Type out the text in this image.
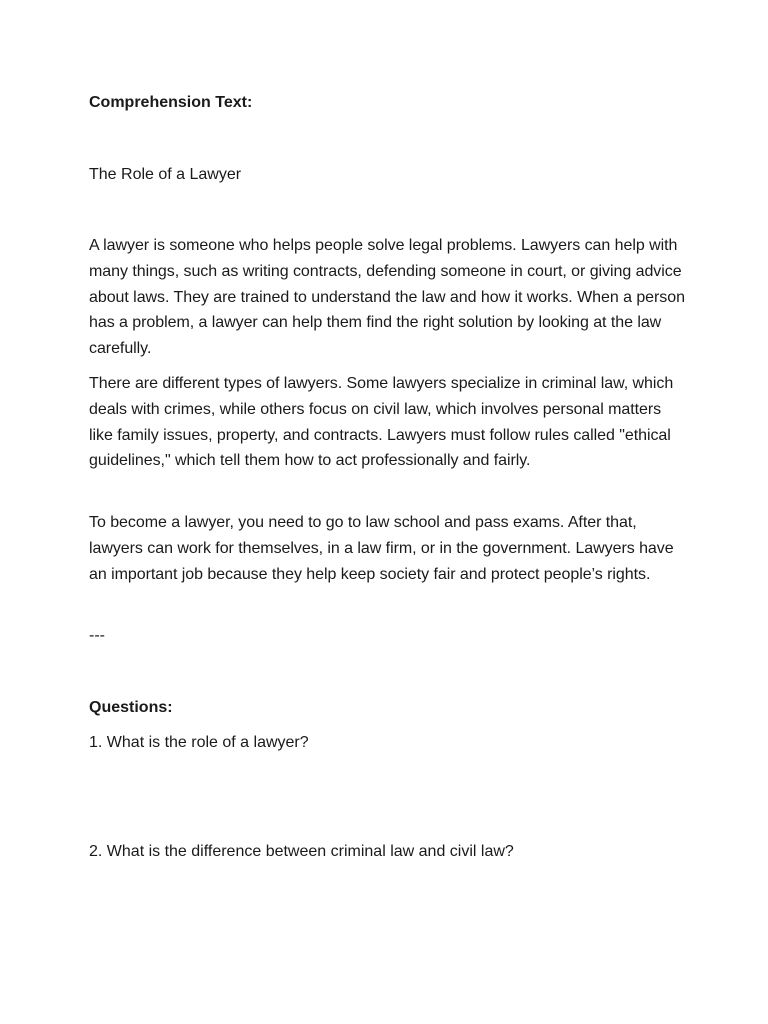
Comprehension Text:

The Role of a Lawyer

A lawyer is someone who helps people solve legal problems. Lawyers can help with many things, such as writing contracts, defending someone in court, or giving advice about laws. They are trained to understand the law and how it works. When a person has a problem, a lawyer can help them find the right solution by looking at the law carefully.

There are different types of lawyers. Some lawyers specialize in criminal law, which deals with crimes, while others focus on civil law, which involves personal matters like family issues, property, and contracts. Lawyers must follow rules called "ethical guidelines," which tell them how to act professionally and fairly.

To become a lawyer, you need to go to law school and pass exams. After that, lawyers can work for themselves, in a law firm, or in the government. Lawyers have an important job because they help keep society fair and protect people’s rights.

---

Questions:

1. What is the role of a lawyer?

2. What is the difference between criminal law and civil law?
